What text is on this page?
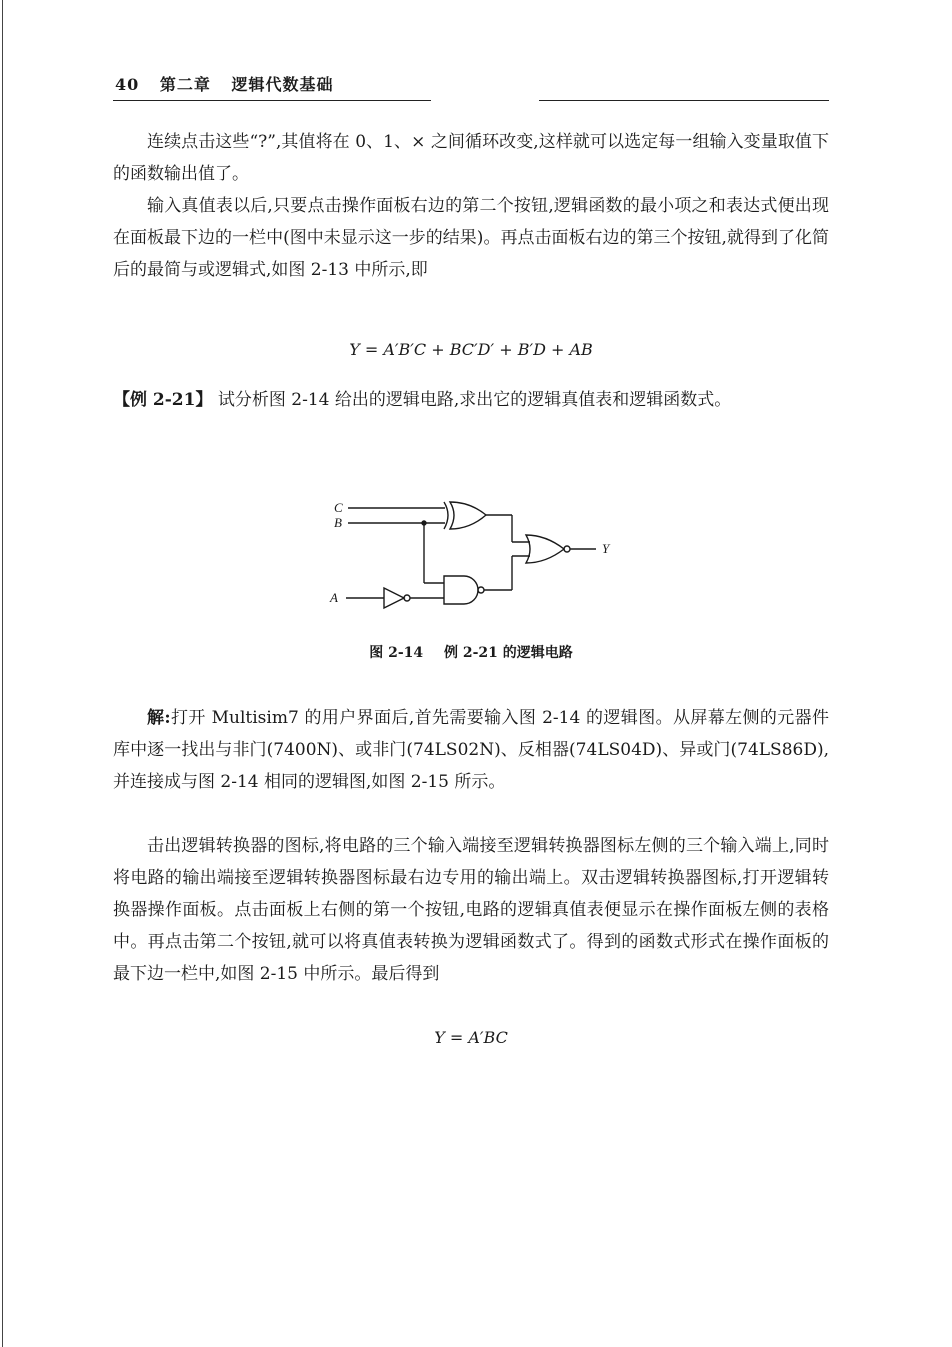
40 第二章 逻辑代数基础

连续点击这些“?”,其值将在 0、1、× 之间循环改变,这样就可以选定每一组输入变量取值下的函数输出值了。

输入真值表以后,只要点击操作面板右边的第二个按钮,逻辑函数的最小项之和表达式便出现在面板最下边的一栏中(图中未显示这一步的结果)。再点击面板右边的第三个按钮,就得到了化简后的最简与或逻辑式,如图 2-13 中所示,即

Y = A′B′C + BC′D′ + B′D + AB

【例 2-21】 试分析图 2-14 给出的逻辑电路,求出它的逻辑真值表和逻辑函数式。

C
B
A
Y
图 2-14 例 2-21 的逻辑电路

解:打开 Multisim7 的用户界面后,首先需要输入图 2-14 的逻辑图。从屏幕左侧的元器件库中逐一找出与非门(7400N)、或非门(74LS02N)、反相器(74LS04D)、异或门(74LS86D),并连接成与图 2-14 相同的逻辑图,如图 2-15 所示。

击出逻辑转换器的图标,将电路的三个输入端接至逻辑转换器图标左侧的三个输入端上,同时将电路的输出端接至逻辑转换器图标最右边专用的输出端上。双击逻辑转换器图标,打开逻辑转换器操作面板。点击面板上右侧的第一个按钮,电路的逻辑真值表便显示在操作面板左侧的表格中。再点击第二个按钮,就可以将真值表转换为逻辑函数式了。得到的函数式形式在操作面板的最下边一栏中,如图 2-15 中所示。最后得到

Y = A′BC
